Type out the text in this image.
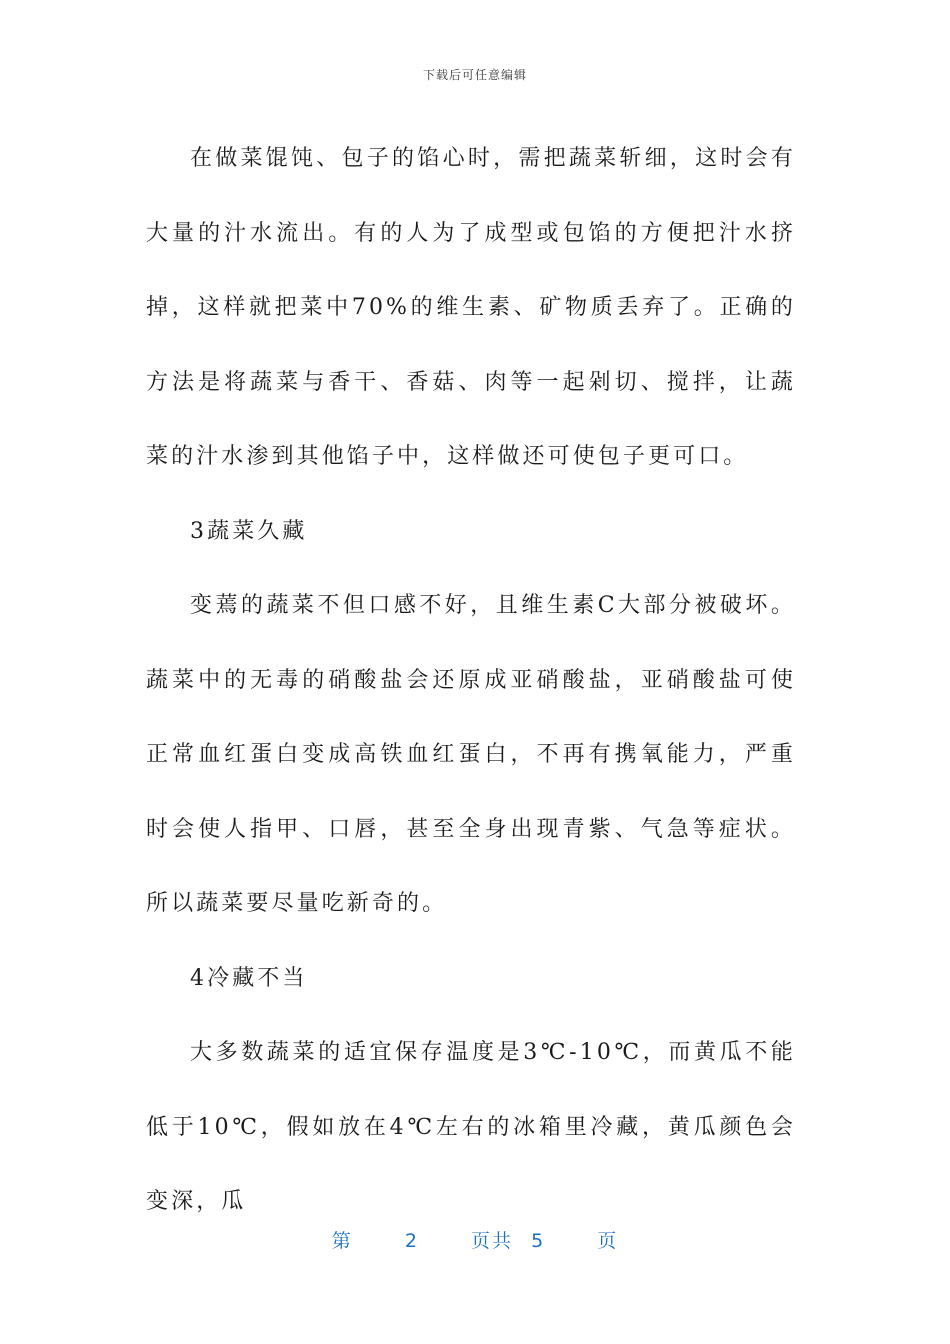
下载后可任意编辑

在做菜馄饨、包子的馅心时，需把蔬菜斩细，这时会有大量的汁水流出。有的人为了成型或包馅的方便把汁水挤掉，这样就把菜中70%的维生素、矿物质丢弃了。正确的方法是将蔬菜与香干、香菇、肉等一起剁切、搅拌，让蔬菜的汁水渗到其他馅子中，这样做还可使包子更可口。

3蔬菜久藏

变蔫的蔬菜不但口感不好，且维生素C大部分被破坏。蔬菜中的无毒的硝酸盐会还原成亚硝酸盐，亚硝酸盐可使正常血红蛋白变成高铁血红蛋白，不再有携氧能力，严重时会使人指甲、口唇，甚至全身出现青紫、气急等症状。所以蔬菜要尽量吃新奇的。

4冷藏不当

大多数蔬菜的适宜保存温度是3℃-10℃，而黄瓜不能低于10℃，假如放在4℃左右的冰箱里冷藏，黄瓜颜色会变深，瓜

第	2	页共 5	页
